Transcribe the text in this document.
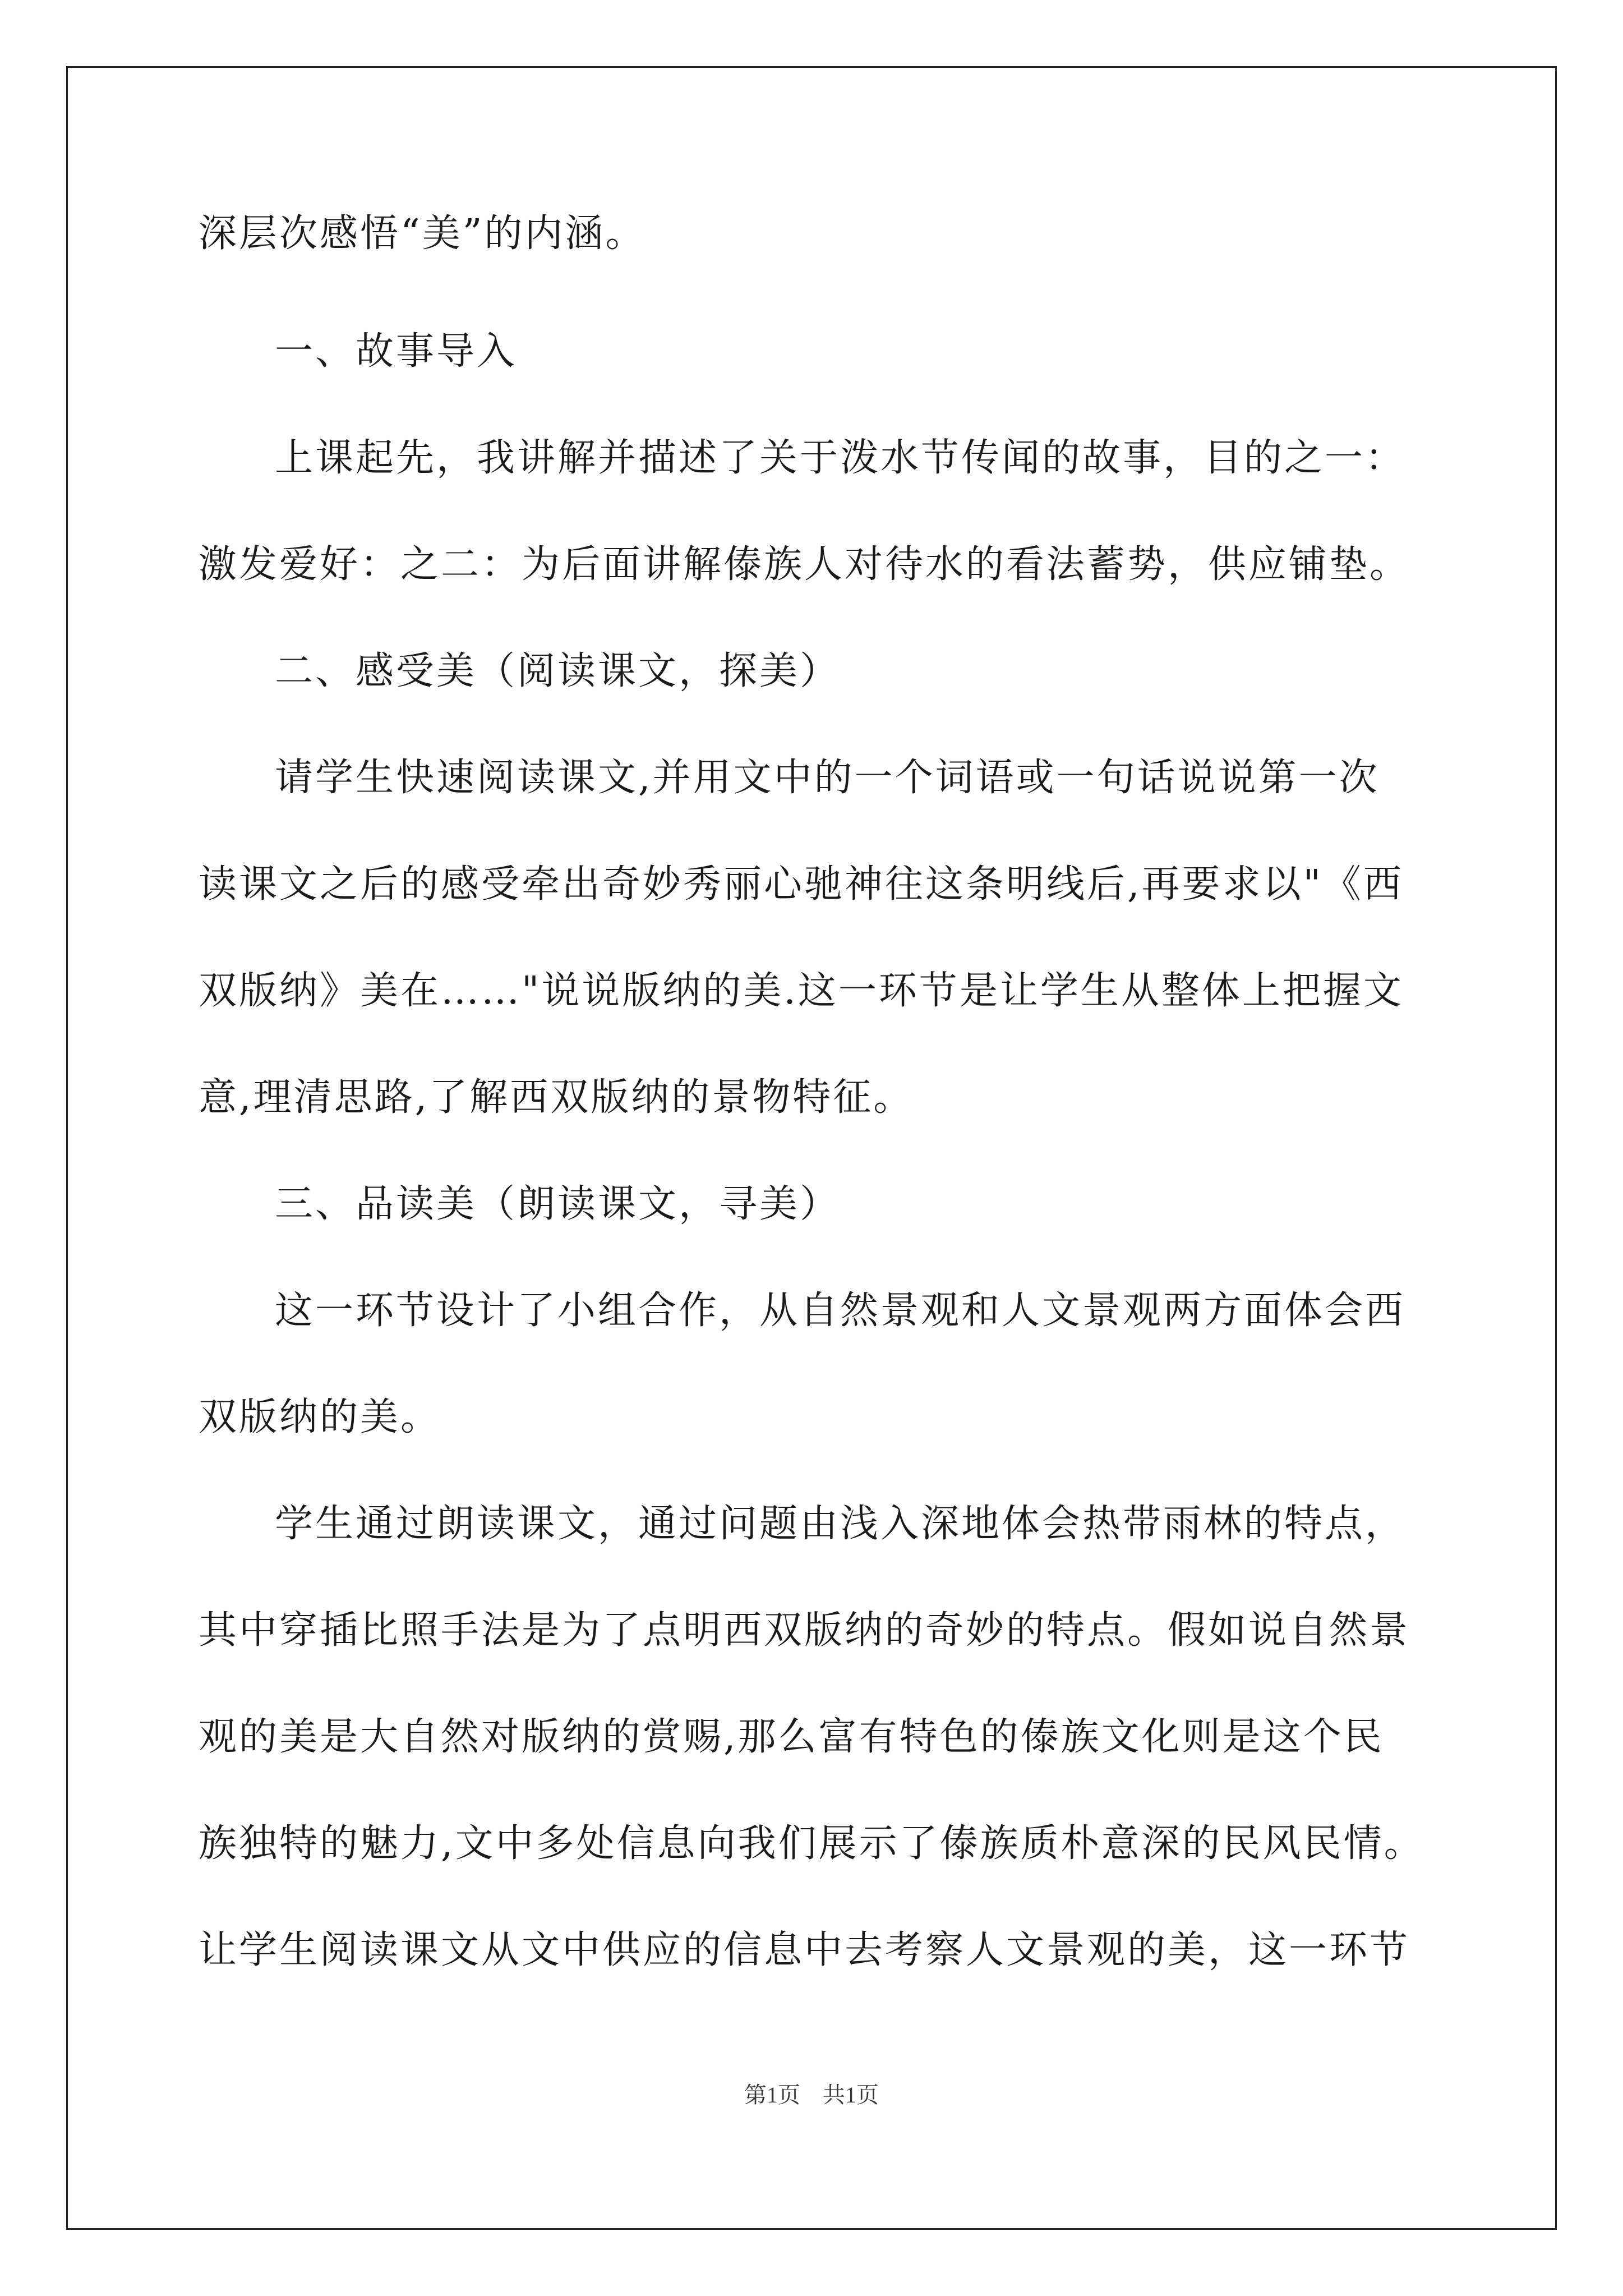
深层次感悟“美”的内涵。
一、故事导入
上课起先，我讲解并描述了关于泼水节传闻的故事，目的之一：
激发爱好：之二：为后面讲解傣族人对待水的看法蓄势，供应铺垫。
二、感受美（阅读课文，探美）
请学生快速阅读课文,并用文中的一个词语或一句话说说第一次
读课文之后的感受牵出奇妙秀丽心驰神往这条明线后,再要求以"《西
双版纳》美在……"说说版纳的美.这一环节是让学生从整体上把握文
意,理清思路,了解西双版纳的景物特征。
三、品读美（朗读课文，寻美）
这一环节设计了小组合作，从自然景观和人文景观两方面体会西
双版纳的美。
学生通过朗读课文，通过问题由浅入深地体会热带雨林的特点，
其中穿插比照手法是为了点明西双版纳的奇妙的特点。假如说自然景
观的美是大自然对版纳的赏赐,那么富有特色的傣族文化则是这个民
族独特的魅力,文中多处信息向我们展示了傣族质朴意深的民风民情。
让学生阅读课文从文中供应的信息中去考察人文景观的美，这一环节
第1页　共1页
